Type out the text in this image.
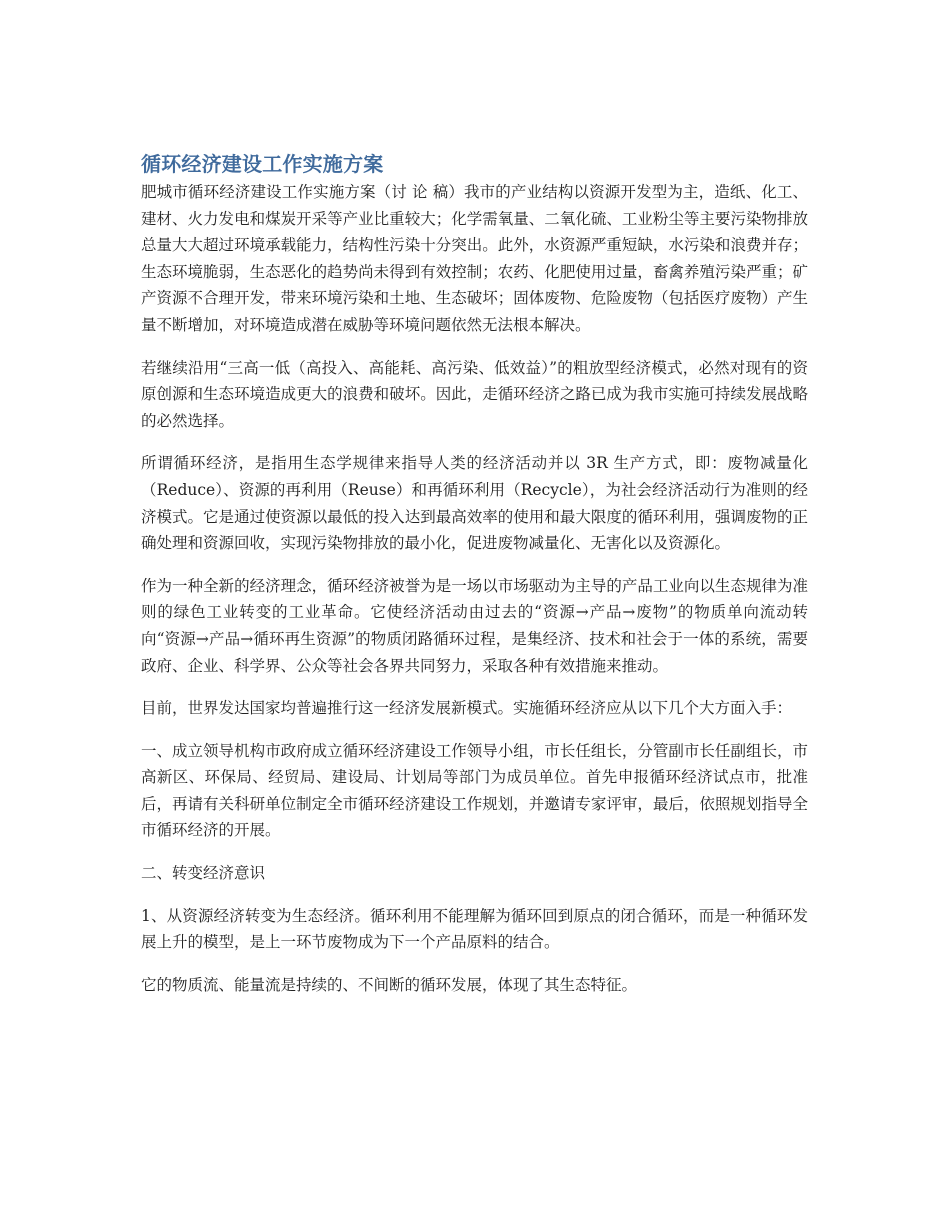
循环经济建设工作实施方案

肥城市循环经济建设工作实施方案（讨 论 稿）我市的产业结构以资源开发型为主，造纸、化工、建材、火力发电和煤炭开采等产业比重较大；化学需氧量、二氧化硫、工业粉尘等主要污染物排放总量大大超过环境承载能力，结构性污染十分突出。此外，水资源严重短缺，水污染和浪费并存；生态环境脆弱，生态恶化的趋势尚未得到有效控制；农药、化肥使用过量，畜禽养殖污染严重；矿产资源不合理开发，带来环境污染和土地、生态破坏；固体废物、危险废物（包括医疗废物）产生量不断增加，对环境造成潜在威胁等环境问题依然无法根本解决。

若继续沿用“三高一低（高投入、高能耗、高污染、低效益）”的粗放型经济模式，必然对现有的资原创源和生态环境造成更大的浪费和破坏。因此，走循环经济之路已成为我市实施可持续发展战略的必然选择。

所谓循环经济，是指用生态学规律来指导人类的经济活动并以 3R 生产方式，即：废物减量化（Reduce）、资源的再利用（Reuse）和再循环利用（Recycle），为社会经济活动行为准则的经济模式。它是通过使资源以最低的投入达到最高效率的使用和最大限度的循环利用，强调废物的正确处理和资源回收，实现污染物排放的最小化，促进废物减量化、无害化以及资源化。

作为一种全新的经济理念，循环经济被誉为是一场以市场驱动为主导的产品工业向以生态规律为准则的绿色工业转变的工业革命。它使经济活动由过去的“资源→产品→废物”的物质单向流动转向“资源→产品→循环再生资源”的物质闭路循环过程，是集经济、技术和社会于一体的系统，需要政府、企业、科学界、公众等社会各界共同努力，采取各种有效措施来推动。

目前，世界发达国家均普遍推行这一经济发展新模式。实施循环经济应从以下几个大方面入手：

一、成立领导机构市政府成立循环经济建设工作领导小组，市长任组长，分管副市长任副组长，市高新区、环保局、经贸局、建设局、计划局等部门为成员单位。首先申报循环经济试点市，批准后，再请有关科研单位制定全市循环经济建设工作规划，并邀请专家评审，最后，依照规划指导全市循环经济的开展。

二、转变经济意识

1、从资源经济转变为生态经济。循环利用不能理解为循环回到原点的闭合循环，而是一种循环发展上升的模型，是上一环节废物成为下一个产品原料的结合。

它的物质流、能量流是持续的、不间断的循环发展，体现了其生态特征。
